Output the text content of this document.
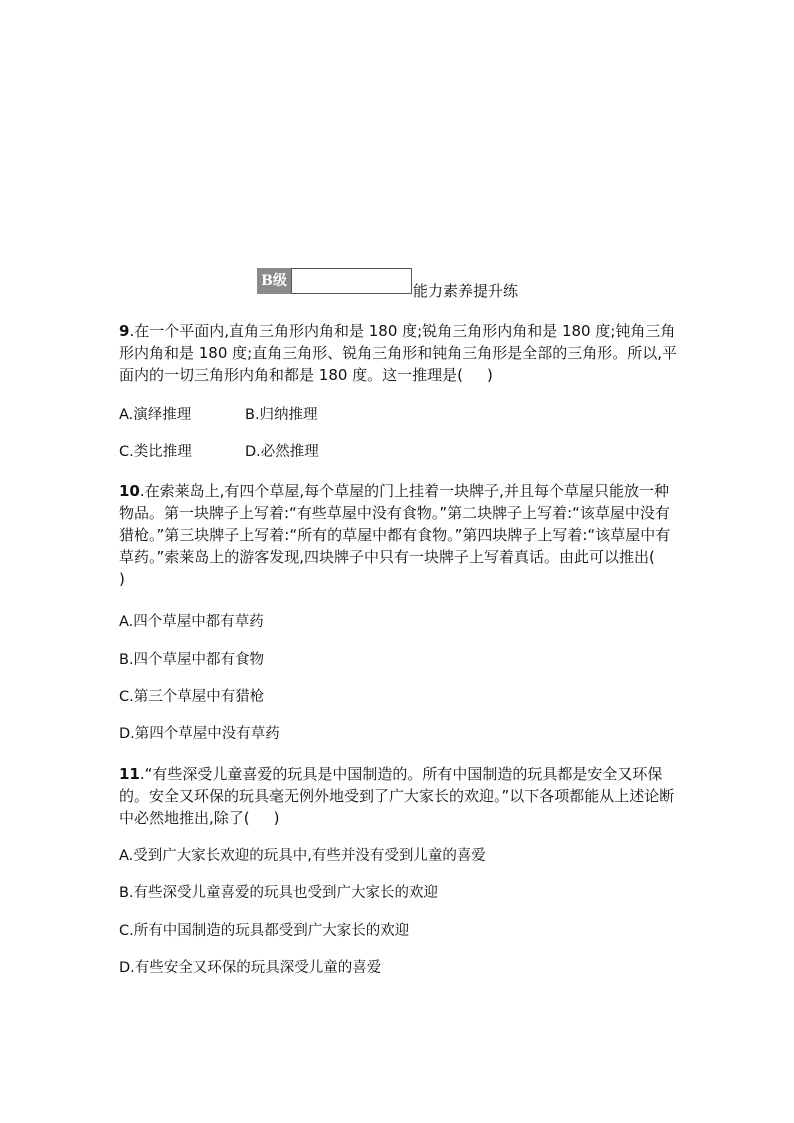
B级
能力素养提升练

9.在一个平面内,直角三角形内角和是 180 度;锐角三角形内角和是 180 度;钝角三角形内角和是 180 度;直角三角形、锐角三角形和钝角三角形是全部的三角形。所以,平面内的一切三角形内角和都是 180 度。这一推理是( )

A.演绎推理	B.归纳推理
C.类比推理	D.必然推理

10.在索莱岛上,有四个草屋,每个草屋的门上挂着一块牌子,并且每个草屋只能放一种物品。第一块牌子上写着:“有些草屋中没有食物。”第二块牌子上写着:“该草屋中没有猎枪。”第三块牌子上写着:“所有的草屋中都有食物。”第四块牌子上写着:“该草屋中有草药。”索莱岛上的游客发现,四块牌子中只有一块牌子上写着真话。由此可以推出()

A.四个草屋中都有草药
B.四个草屋中都有食物
C.第三个草屋中有猎枪
D.第四个草屋中没有草药

11.“有些深受儿童喜爱的玩具是中国制造的。所有中国制造的玩具都是安全又环保的。安全又环保的玩具毫无例外地受到了广大家长的欢迎。”以下各项都能从上述论断中必然地推出,除了( )

A.受到广大家长欢迎的玩具中,有些并没有受到儿童的喜爱
B.有些深受儿童喜爱的玩具也受到广大家长的欢迎
C.所有中国制造的玩具都受到广大家长的欢迎
D.有些安全又环保的玩具深受儿童的喜爱
